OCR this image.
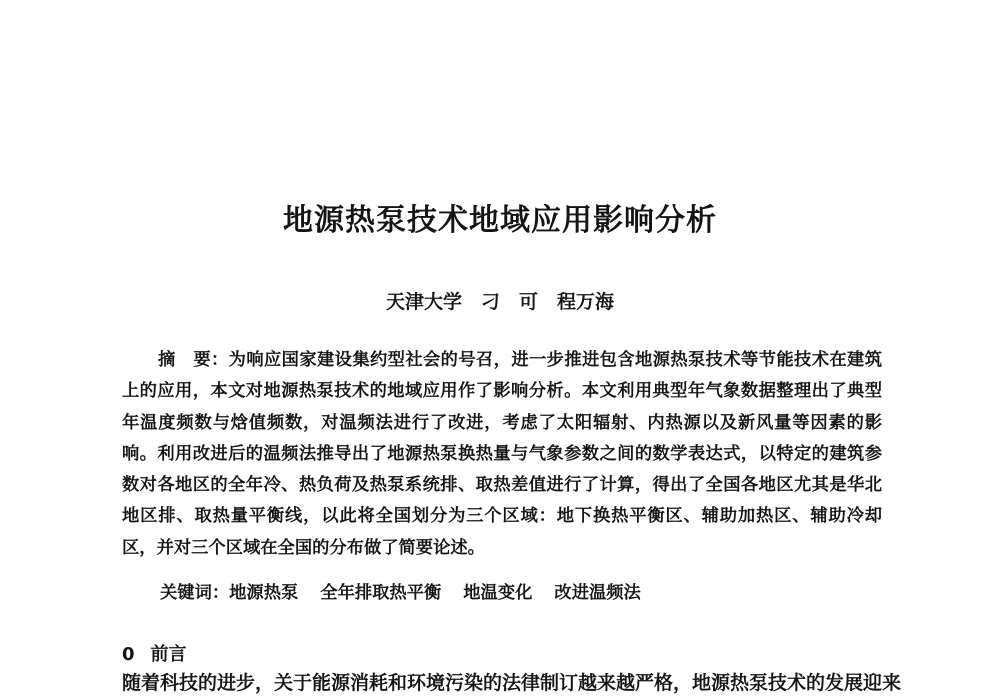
地源热泵技术地域应用影响分析
天津大学　刁　可　程万海
摘　要：为响应国家建设集约型社会的号召，进一步推进包含地源热泵技术等节能技术在建筑上的应用，本文对地源热泵技术的地域应用作了影响分析。本文利用典型年气象数据整理出了典型年温度频数与焓值频数，对温频法进行了改进，考虑了太阳辐射、内热源以及新风量等因素的影响。利用改进后的温频法推导出了地源热泵换热量与气象参数之间的数学表达式，以特定的建筑参数对各地区的全年冷、热负荷及热泵系统排、取热差值进行了计算，得出了全国各地区尤其是华北地区排、取热量平衡线，以此将全国划分为三个区域：地下换热平衡区、辅助加热区、辅助冷却区，并对三个区域在全国的分布做了简要论述。
关键词：地源热泵 全年排取热平衡 地温变化 改进温频法
0 前言
随着科技的进步，关于能源消耗和环境污染的法律制订越来越严格，地源热泵技术的发展迎来
